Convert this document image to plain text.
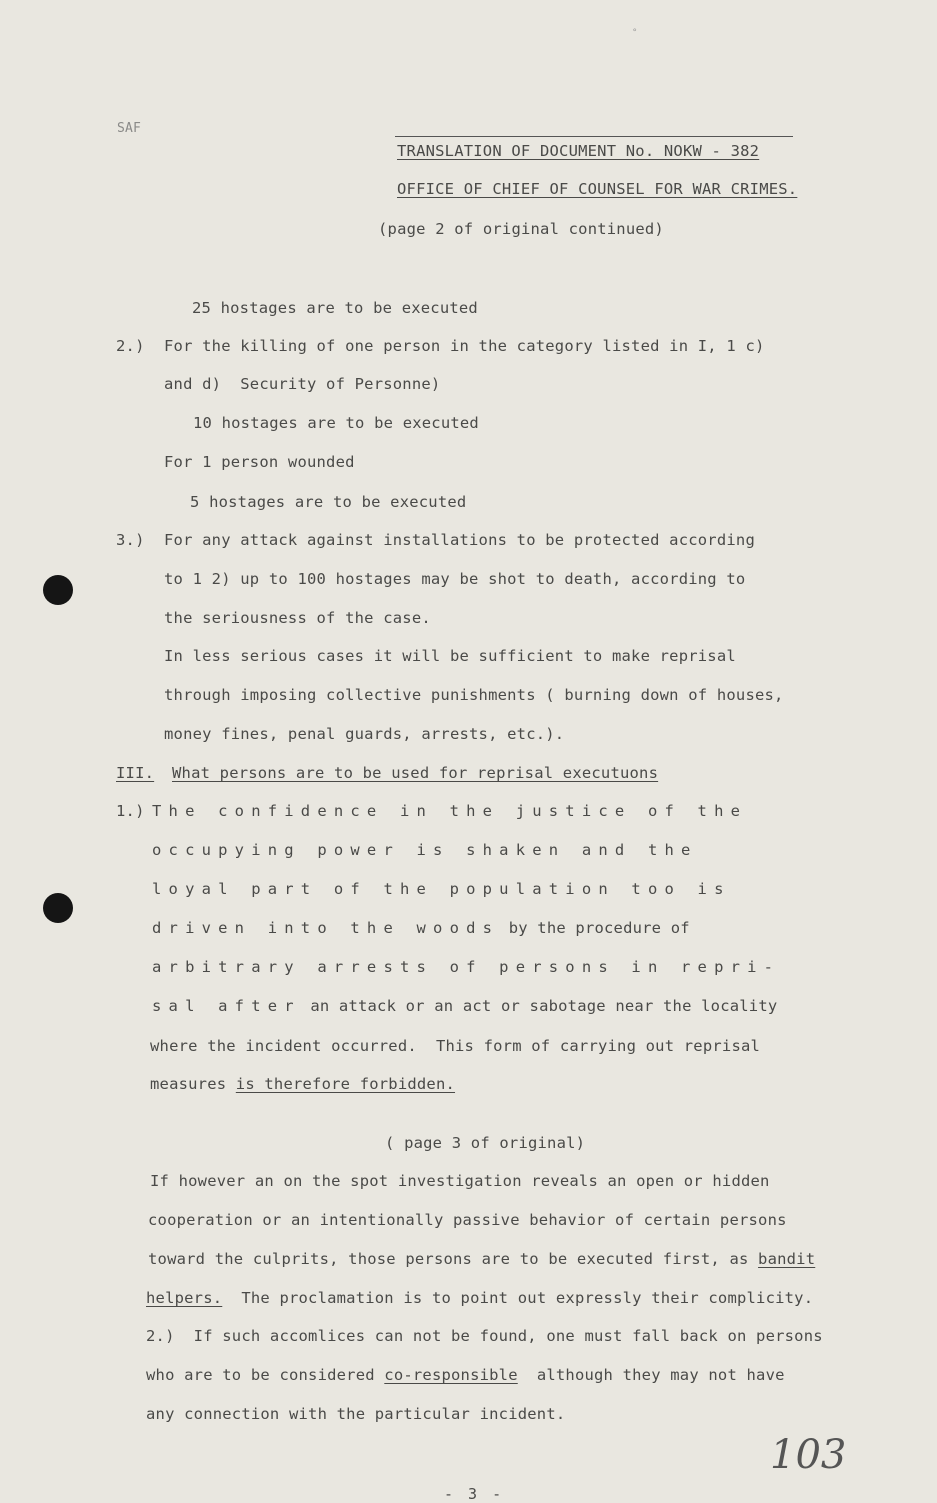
°
SAF
TRANSLATION OF DOCUMENT No. NOKW - 382
OFFICE OF CHIEF OF COUNSEL FOR WAR CRIMES.
(page 2 of original continued)
25 hostages are to be executed
2.) For the killing of one person in the category listed in I, 1 c)
and d)  Security of Personne)
10 hostages are to be executed
For 1 person wounded
5 hostages are to be executed
3.) For any attack against installations to be protected according
to 1 2) up to 100 hostages may be shot to death, according to
the seriousness of the case.
In less serious cases it will be sufficient to make reprisal
through imposing collective punishments ( burning down of houses,
money fines, penal guards, arrests, etc.).
III. What persons are to be used for reprisal executuons
1.) The confidence in the justice of the
occupying power is shaken and the
loyal part of the population too is
driven into the woods by the procedure of
arbitrary arrests of persons in repri-
sal after an attack or an act or sabotage near the locality
where the incident occurred.  This form of carrying out reprisal
measures is therefore forbidden.
( page 3 of original)
If however an on the spot investigation reveals an open or hidden
cooperation or an intentionally passive behavior of certain persons
toward the culprits, those persons are to be executed first, as bandit
helpers.  The proclamation is to point out expressly their complicity.
2.)  If such accomlices can not be found, one must fall back on persons
who are to be considered co-responsible  although they may not have
any connection with the particular incident.
103
- 3 -
